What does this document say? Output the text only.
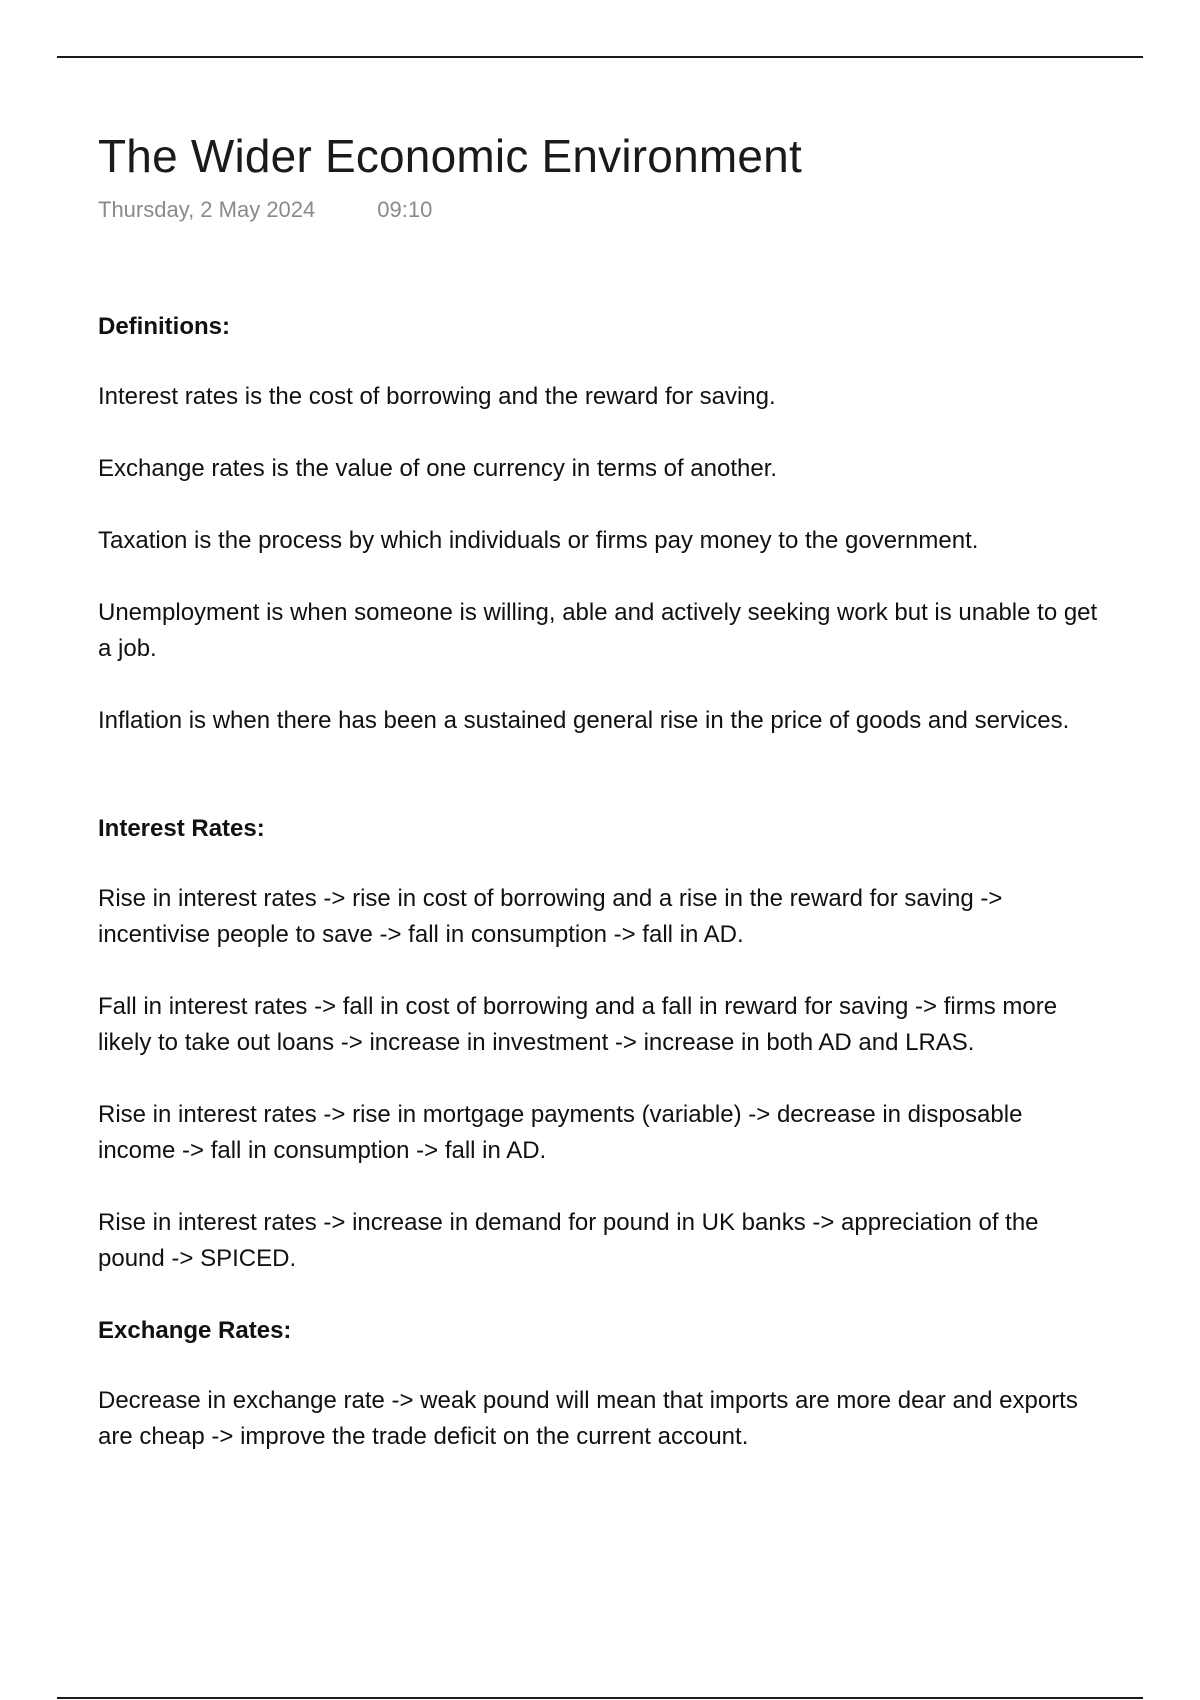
The Wider Economic Environment
Thursday, 2 May 2024	09:10

Definitions:

Interest rates is the cost of borrowing and the reward for saving.

Exchange rates is the value of one currency in terms of another.

Taxation is the process by which individuals or firms pay money to the government.

Unemployment is when someone is willing, able and actively seeking work but is unable to get a job.

Inflation is when there has been a sustained general rise in the price of goods and services.

Interest Rates:

Rise in interest rates -> rise in cost of borrowing and a rise in the reward for saving -> incentivise people to save -> fall in consumption -> fall in AD.

Fall in interest rates -> fall in cost of borrowing and a fall in reward for saving -> firms more likely to take out loans -> increase in investment -> increase in both AD and LRAS.

Rise in interest rates -> rise in mortgage payments (variable) -> decrease in disposable income -> fall in consumption -> fall in AD.

Rise in interest rates -> increase in demand for pound in UK banks -> appreciation of the pound -> SPICED.

Exchange Rates:

Decrease in exchange rate -> weak pound will mean that imports are more dear and exports are cheap -> improve the trade deficit on the current account.
